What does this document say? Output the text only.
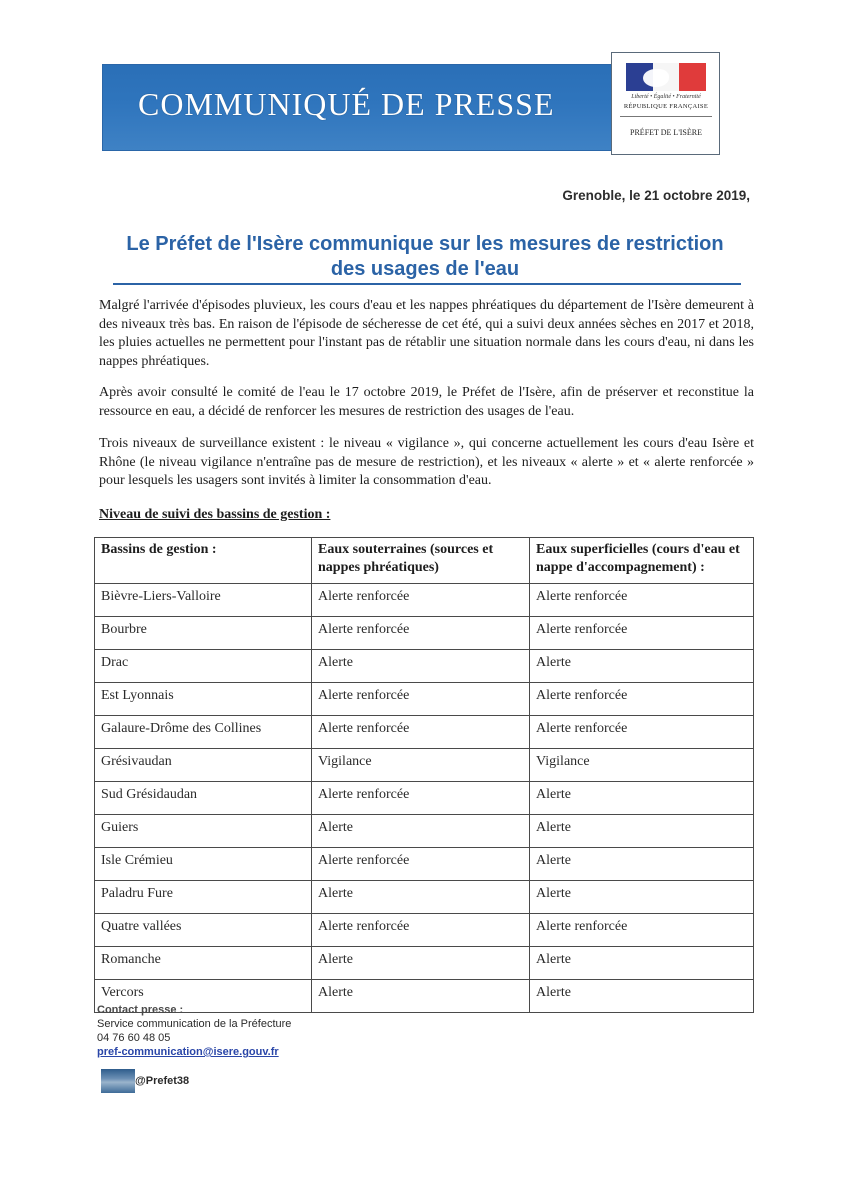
COMMUNIQUÉ DE PRESSE	Liberté • Égalité • Fraternité
RÉPUBLIQUE FRANÇAISE
PRÉFET DE L'ISÈRE
Grenoble, le 21 octobre 2019,
Le Préfet de l'Isère communique sur les mesures de restriction des usages de l'eau

Malgré l'arrivée d'épisodes pluvieux, les cours d'eau et les nappes phréatiques du département de l'Isère demeurent à des niveaux très bas. En raison de l'épisode de sécheresse de cet été, qui a suivi deux années sèches en 2017 et 2018, les pluies actuelles ne permettent pour l'instant pas de rétablir une situation normale dans les cours d'eau, ni dans les nappes phréatiques.

Après avoir consulté le comité de l'eau le 17 octobre 2019, le Préfet de l'Isère, afin de préserver et reconstitue la ressource en eau, a décidé de renforcer les mesures de restriction des usages de l'eau.

Trois niveaux de surveillance existent : le niveau « vigilance », qui concerne actuellement les cours d'eau Isère et Rhône (le niveau vigilance n'entraîne pas de mesure de restriction), et les niveaux « alerte » et « alerte renforcée » pour lesquels les usagers sont invités à limiter la consommation d'eau.

Niveau de suivi des bassins de gestion :
Bassins de gestion :	Eaux souterraines (sources et nappes phréatiques)	Eaux superficielles (cours d'eau et nappe d'accompagnement) :
Bièvre-Liers-Valloire	Alerte renforcée	Alerte renforcée
Bourbre	Alerte renforcée	Alerte renforcée
Drac	Alerte	Alerte
Est Lyonnais	Alerte renforcée	Alerte renforcée
Galaure-Drôme des Collines	Alerte renforcée	Alerte renforcée
Grésivaudan	Vigilance	Vigilance
Sud Grésidaudan	Alerte renforcée	Alerte
Guiers	Alerte	Alerte
Isle Crémieu	Alerte renforcée	Alerte
Paladru Fure	Alerte	Alerte
Quatre vallées	Alerte renforcée	Alerte renforcée
Romanche	Alerte	Alerte
Vercors	Alerte	Alerte
Contact presse :
Service communication de la Préfecture
04 76 60 48 05
pref-communication@isere.gouv.fr
@Prefet38
